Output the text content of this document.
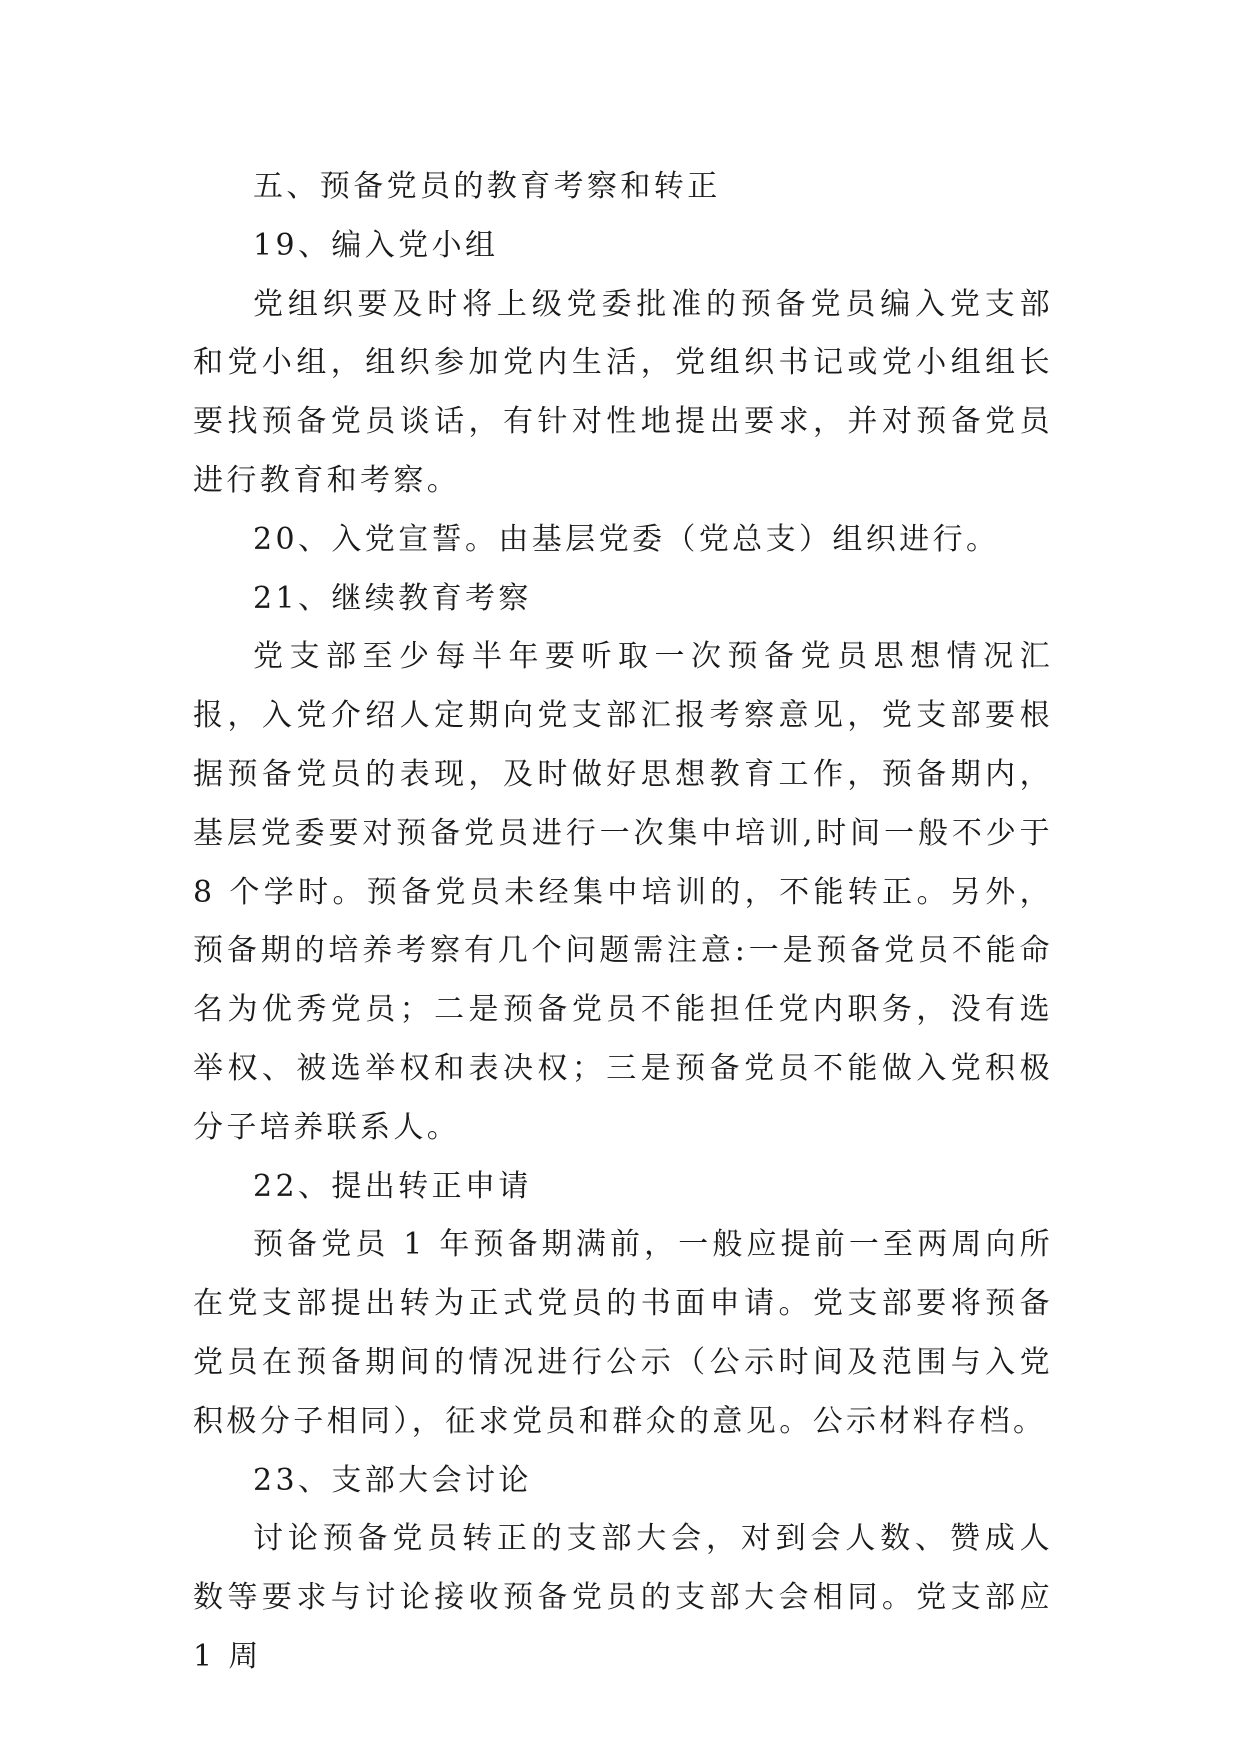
五、预备党员的教育考察和转正
19、编入党小组

党组织要及时将上级党委批准的预备党员编入党支部和党小组，组织参加党内生活，党组织书记或党小组组长要找预备党员谈话，有针对性地提出要求，并对预备党员进行教育和考察。

20、入党宣誓。由基层党委（党总支）组织进行。
21、继续教育考察

党支部至少每半年要听取一次预备党员思想情况汇报，入党介绍人定期向党支部汇报考察意见，党支部要根据预备党员的表现，及时做好思想教育工作，预备期内，基层党委要对预备党员进行一次集中培训,时间一般不少于 8 个学时。预备党员未经集中培训的，不能转正。另外，预备期的培养考察有几个问题需注意:一是预备党员不能命名为优秀党员；二是预备党员不能担任党内职务，没有选举权、被选举权和表决权；三是预备党员不能做入党积极分子培养联系人。

22、提出转正申请

预备党员 1 年预备期满前，一般应提前一至两周向所在党支部提出转为正式党员的书面申请。党支部要将预备党员在预备期间的情况进行公示（公示时间及范围与入党积极分子相同），征求党员和群众的意见。公示材料存档。

23、支部大会讨论

讨论预备党员转正的支部大会，对到会人数、赞成人数等要求与讨论接收预备党员的支部大会相同。党支部应 1 周
